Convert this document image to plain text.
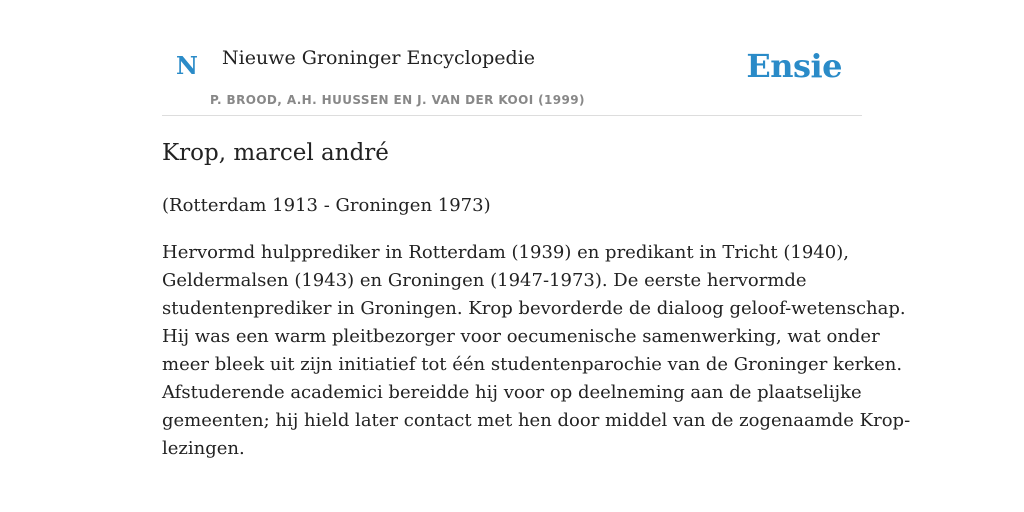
N Nieuwe Groninger Encyclopedie
P. BROOD, A.H. HUUSSEN EN J. VAN DER KOOI (1999)
Ensie
Krop, marcel andré

(Rotterdam 1913 - Groningen 1973)

Hervormd hulpprediker in Rotterdam (1939) en predikant in Tricht (1940),
Geldermalsen (1943) en Groningen (1947-1973). De eerste hervormde
studentenprediker in Groningen. Krop bevorderde de dialoog geloof-wetenschap.
Hij was een warm pleitbezorger voor oecumenische samenwerking, wat onder
meer bleek uit zijn initiatief tot één studentenparochie van de Groninger kerken.
Afstuderende academici bereidde hij voor op deelneming aan de plaatselijke
gemeenten; hij hield later contact met hen door middel van de zogenaamde Krop-
lezingen.
